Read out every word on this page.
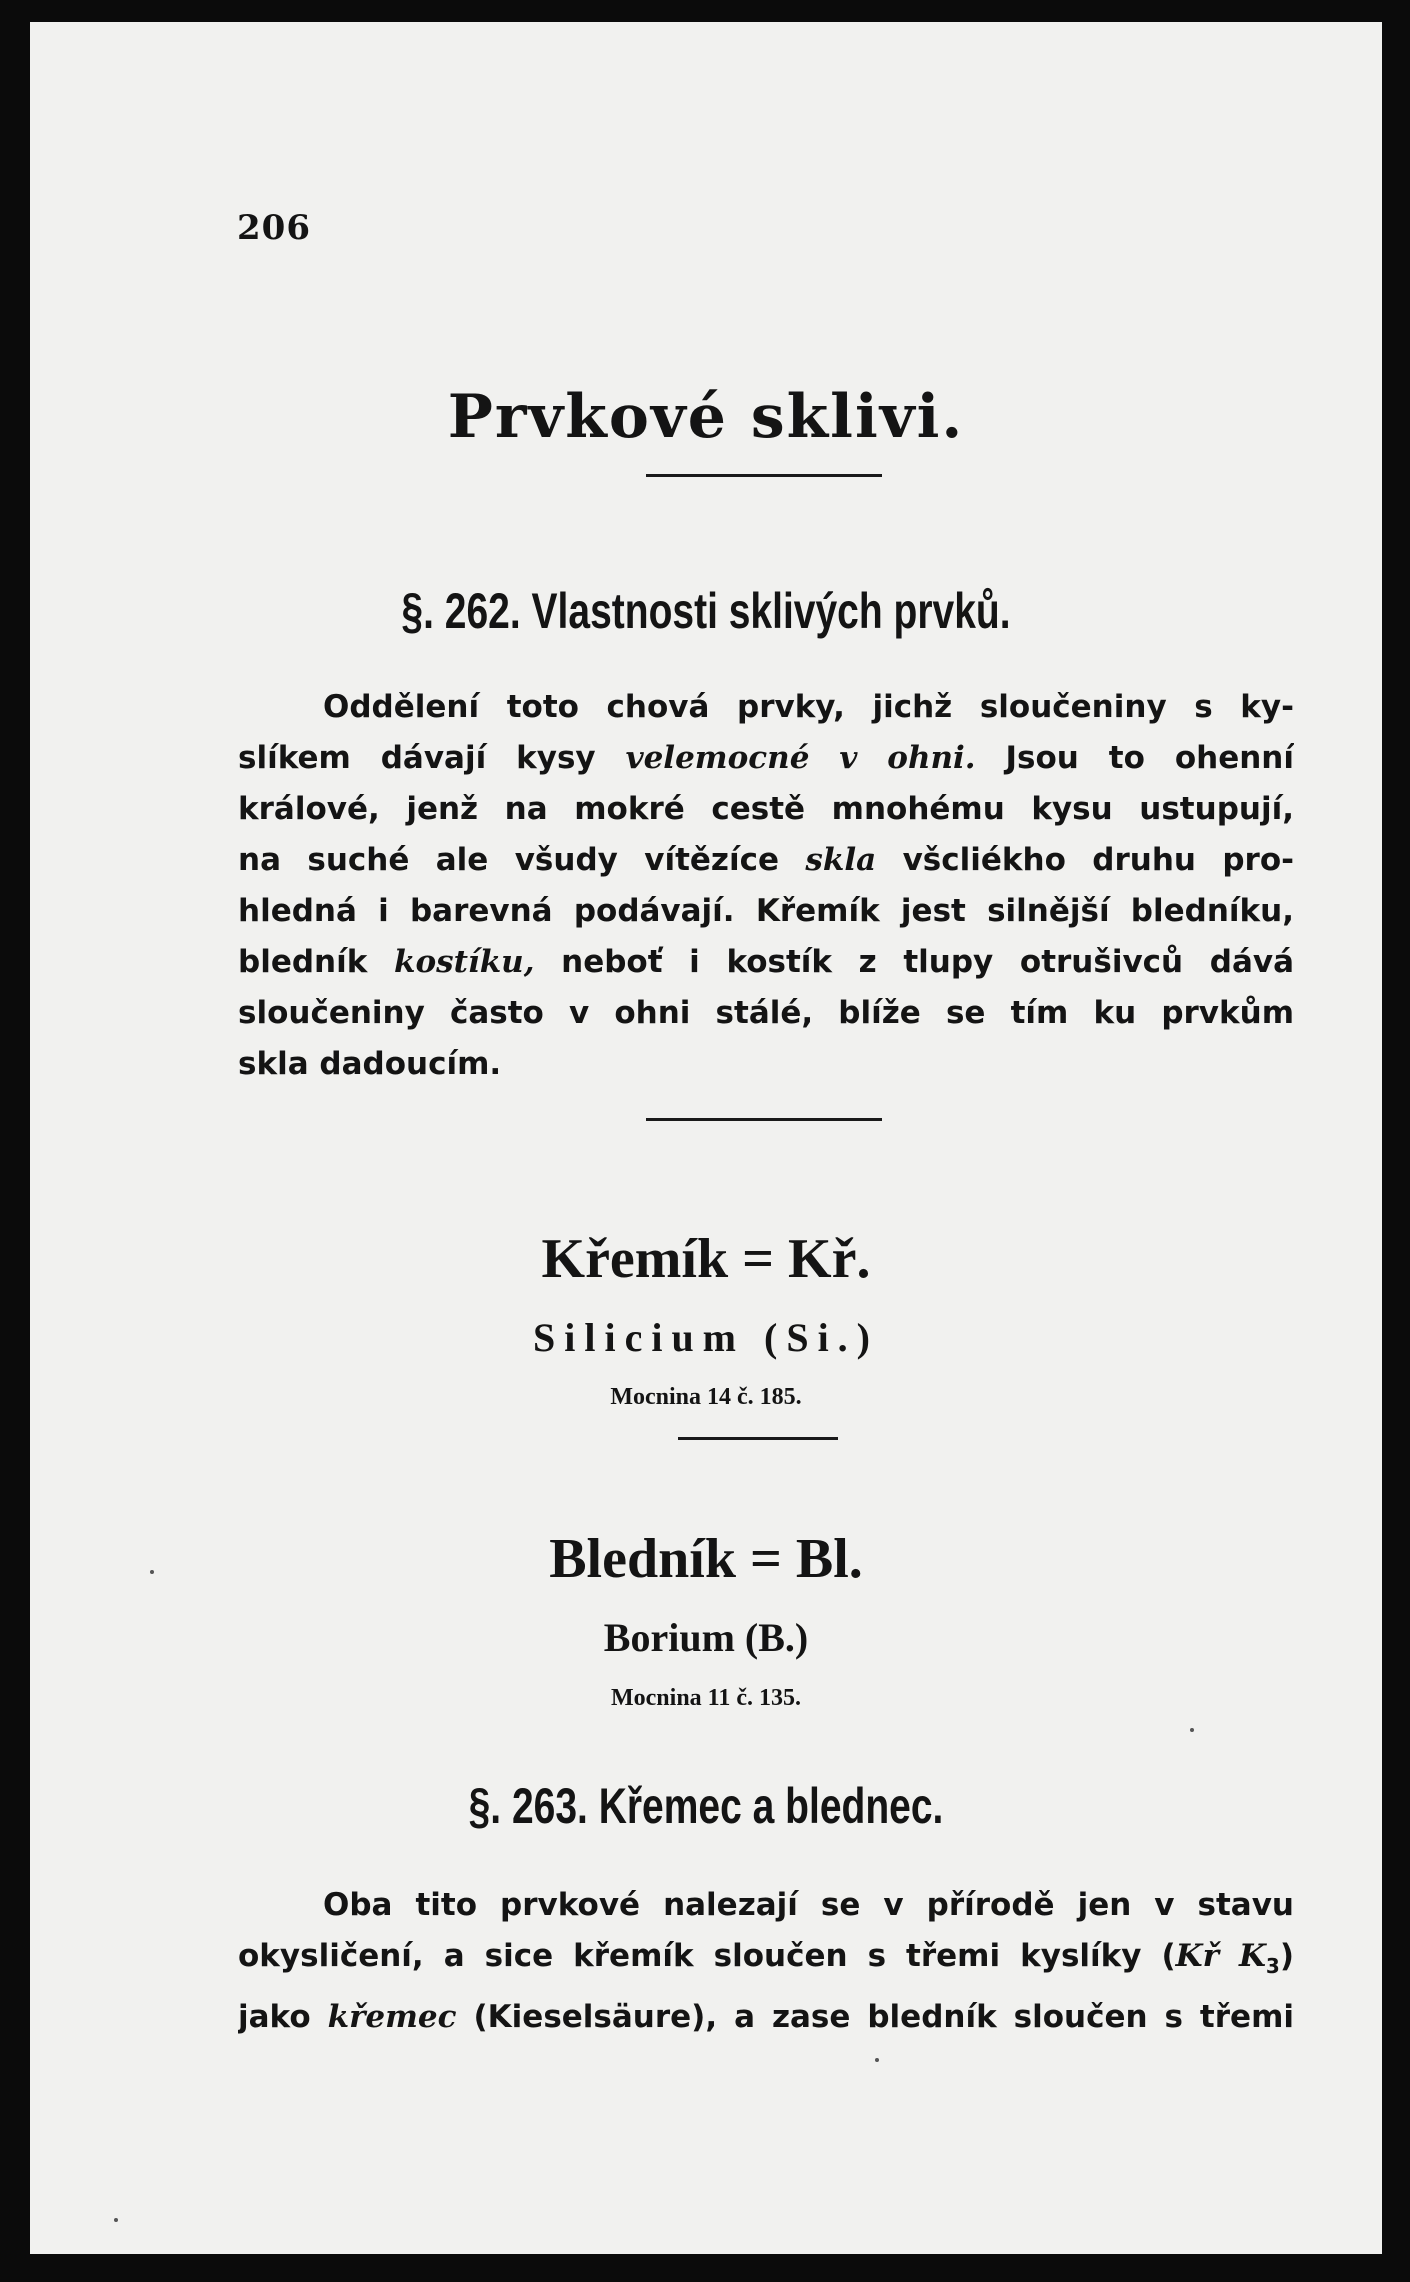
206
Prvkové sklivi.
§. 262. Vlastnosti sklivých prvků.
Oddělení toto chová prvky, jichž sloučeniny s ky-
slíkem dávají kysy velemocné v ohni. Jsou to ohenní
králové, jenž na mokré cestě mnohému kysu ustupují,
na suché ale všudy vítězíce skla všcliékho druhu pro-
hledná i barevná podávají. Křemík jest silnější bledníku,
bledník kostíku, neboť i kostík z tlupy otrušivců dává
sloučeniny často v ohni stálé, blíže se tím ku prvkům
skla dadoucím.
Křemík = Kř.
Silicium (Si.)
Mocnina 14 č. 185.
Bledník = Bl.
Borium (B.)
Mocnina 11 č. 135.
§. 263. Křemec a blednec.
Oba tito prvkové nalezají se v přírodě jen v stavu
okysličení, a sice křemík sloučen s třemi kyslíky (Kř $K_3$)
jako křemec (Kieselsäure), a zase bledník sloučen s třemi
